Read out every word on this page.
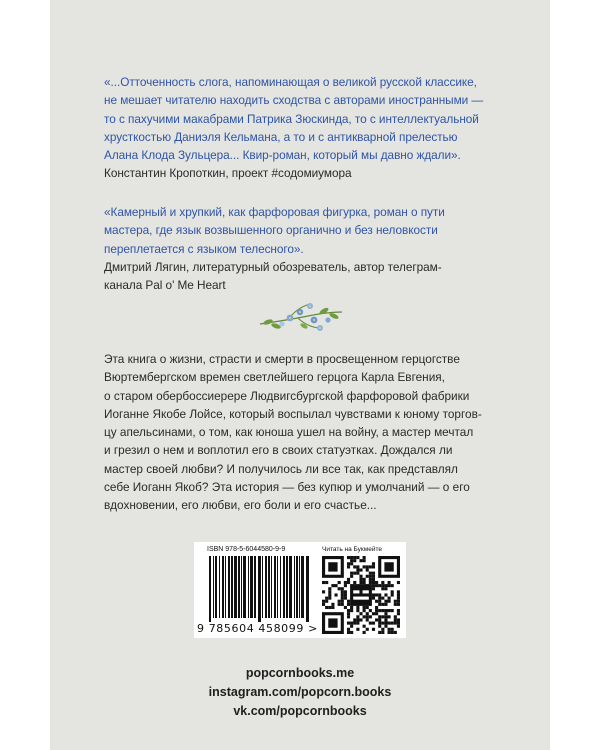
«...Отточенность слога, напоминающая о великой русской классике,
не мешает читателю находить сходства с авторами иностранными —
то с пахучими макабрами Патрика Зюскинда, то с интеллектуальной
хрусткостью Даниэля Кельмана, а то и с антикварной прелестью
Алана Клода Зульцера... Квир-роман, который мы давно ждали».
Константин Кропоткин, проект #содомиумора
«Камерный и хрупкий, как фарфоровая фигурка, роман о пути
мастера, где язык возвышенного органично и без неловкости
переплетается с языком телесного».
Дмитрий Лягин, литературный обозреватель, автор телеграм-
канала Pal o' Me Heart
Эта книга о жизни, страсти и смерти в просвещенном герцогстве
Вюртембергском времен светлейшего герцога Карла Евгения,
о старом обербоссиерере Людвигсбургской фарфоровой фабрики
Иоганне Якобе Лойсе, который воспылал чувствами к юному торгов-
цу апельсинами, о том, как юноша ушел на войну, а мастер мечтал
и грезил о нем и воплотил его в своих статуэтках. Дождался ли
мастер своей любви? И получилось ли все так, как представлял
себе Иоганн Якоб? Эта история — без купюр и умолчаний — о его
вдохновении, его любви, его боли и его счастье...
ISBN 978-5-6044580-9-9
9 785604 458099 >
Читать на Букмейте
popcornbooks.me
instagram.com/popcorn.books
vk.com/popcornbooks
